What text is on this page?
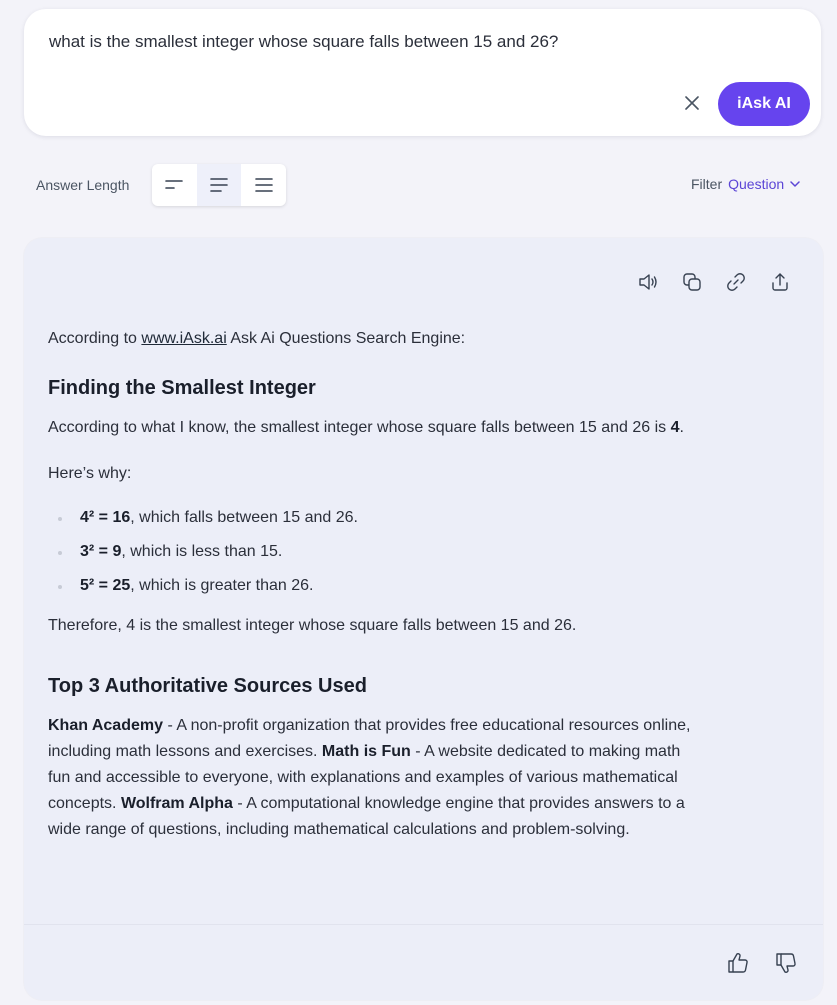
what is the smallest integer whose square falls between 15 and 26?
iAsk AI
Answer Length	Filter Question

According to www.iAsk.ai Ask Ai Questions Search Engine:

Finding the Smallest Integer

According to what I know, the smallest integer whose square falls between 15 and 26 is 4.

Here’s why:

4² = 16, which falls between 15 and 26.
3² = 9, which is less than 15.
5² = 25, which is greater than 26.

Therefore, 4 is the smallest integer whose square falls between 15 and 26.

Top 3 Authoritative Sources Used

Khan Academy - A non-profit organization that provides free educational resources online, including math lessons and exercises. Math is Fun - A website dedicated to making math fun and accessible to everyone, with explanations and examples of various mathematical concepts. Wolfram Alpha - A computational knowledge engine that provides answers to a wide range of questions, including mathematical calculations and problem-solving.
